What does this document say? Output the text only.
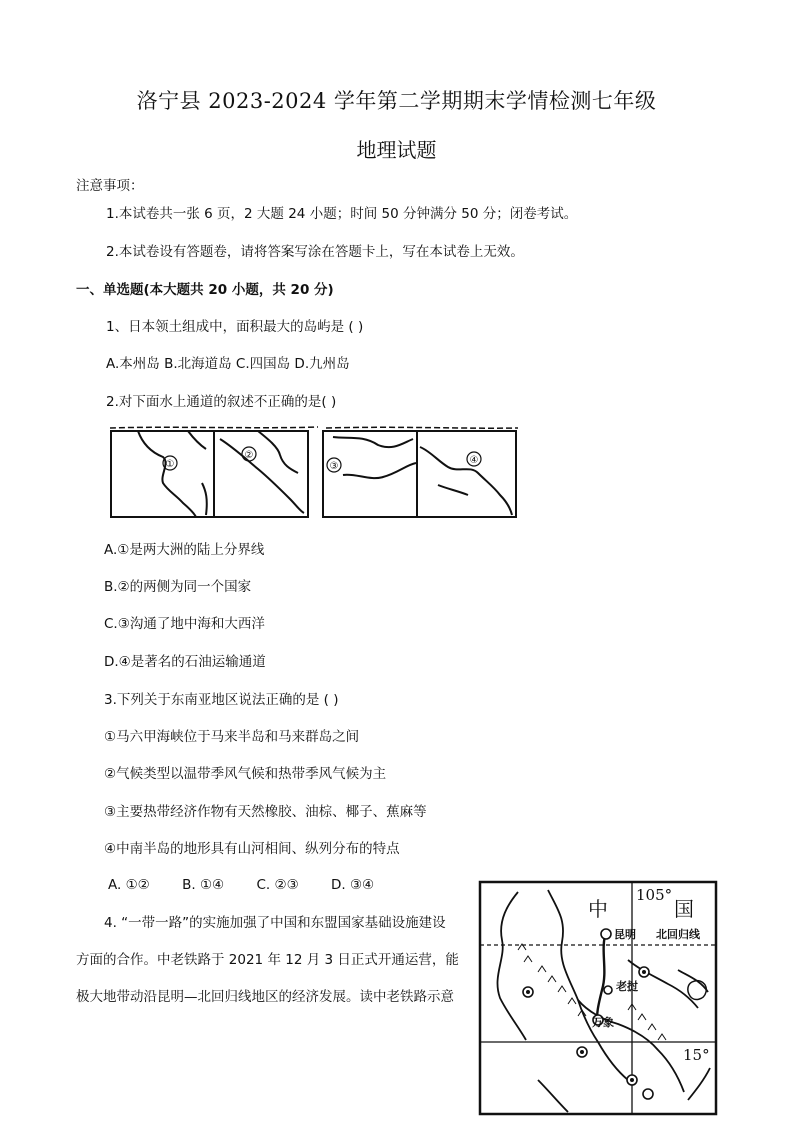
洛宁县 2023-2024 学年第二学期期末学情检测七年级
地理试题
注意事项：
1.本试卷共一张 6 页，2 大题 24 小题；时间 50 分钟满分 50 分；闭卷考试。
2.本试卷设有答题卷，请将答案写涂在答题卡上，写在本试卷上无效。
一、单选题(本大题共 20 小题，共 20 分)
1、日本领土组成中，面积最大的岛屿是 ( )
A.本州岛 B.北海道岛 C.四国岛 D.九州岛
2.对下面水上通道的叙述不正确的是( )
①
②
③
④
A.①是两大洲的陆上分界线
B.②的两侧为同一个国家
C.③沟通了地中海和大西洋
D.④是著名的石油运输通道
3.下列关于东南亚地区说法正确的是 ( )
①马六甲海峡位于马来半岛和马来群岛之间
②气候类型以温带季风气候和热带季风气候为主
③主要热带经济作物有天然橡胶、油棕、椰子、蕉麻等
④中南半岛的地形具有山河相间、纵列分布的特点
A. ①② B. ①④ C. ②③ D. ③④
4. “一带一路”的实施加强了中国和东盟国家基础设施建设
方面的合作。中老铁路于 2021 年 12 月 3 日正式开通运营，能
极大地带动沿昆明—北回归线地区的经济发展。读中老铁路示意
中	国
105°
15°
昆明 北回归线
老挝
万象
